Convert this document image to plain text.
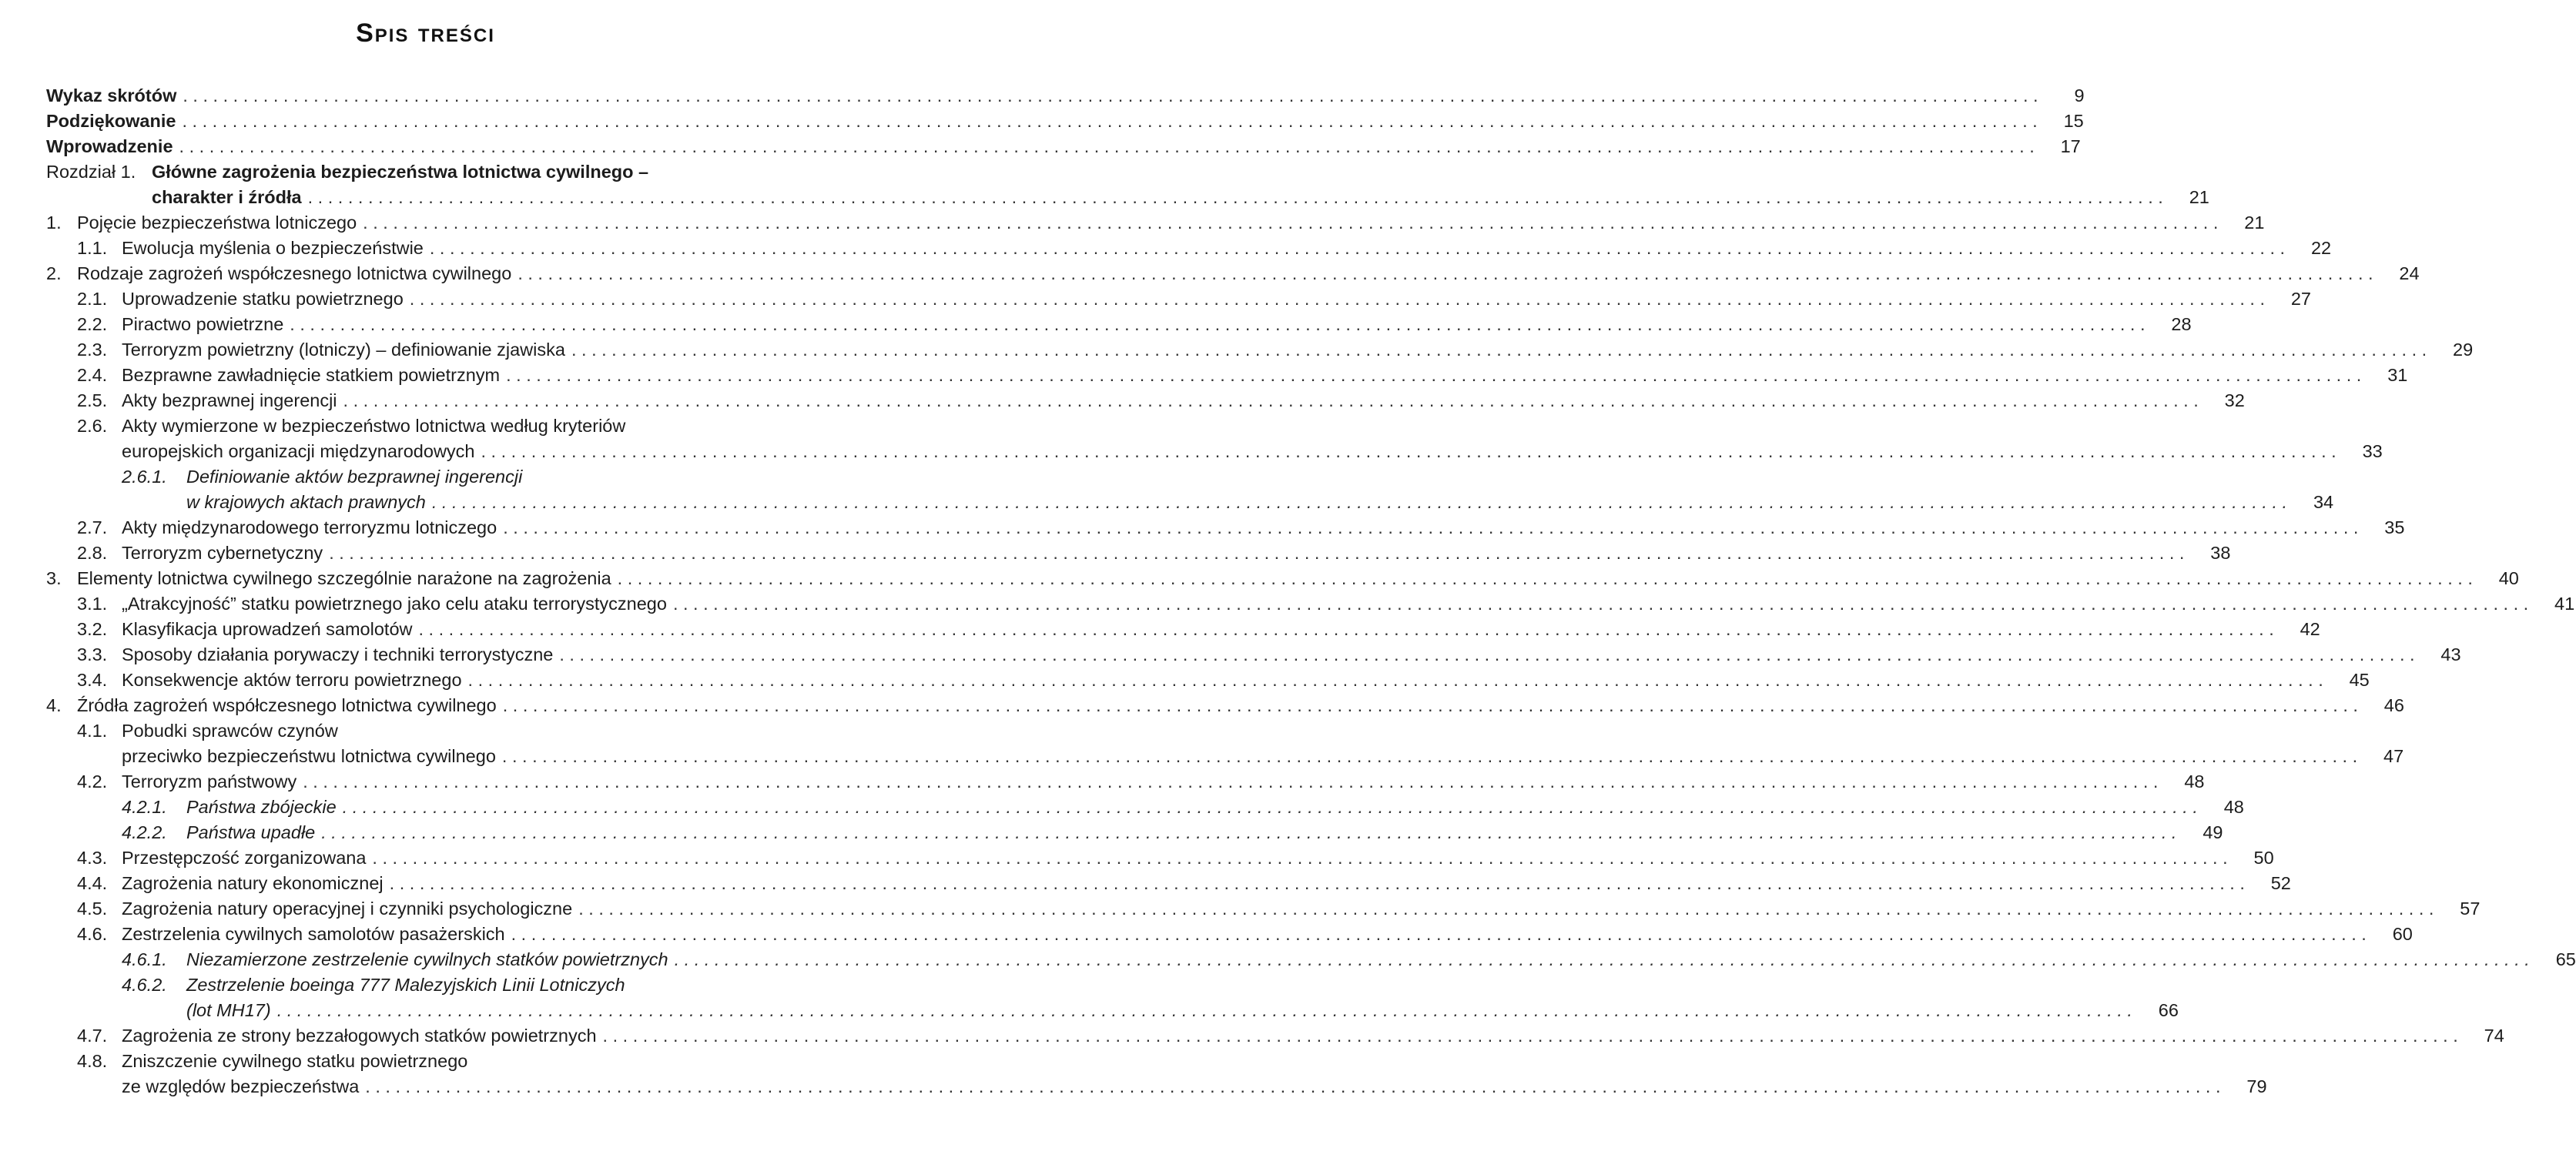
Spis treści
Wykaz skrótów . . .	9
Podziękowanie . . .	15
Wprowadzenie . . .	17
Rozdział 1. Główne zagrożenia bezpieczeństwa lotnictwa cywilnego –
charakter i źródła . . .	21
1. Pojęcie bezpieczeństwa lotniczego . . .	21
1.1. Ewolucja myślenia o bezpieczeństwie . . .	22
2. Rodzaje zagrożeń współczesnego lotnictwa cywilnego . . .	24
2.1. Uprowadzenie statku powietrznego . . .	27
2.2. Piractwo powietrzne . . .	28
2.3. Terroryzm powietrzny (lotniczy) – definiowanie zjawiska . . .	29
2.4. Bezprawne zawładnięcie statkiem powietrznym . . .	31
2.5. Akty bezprawnej ingerencji . . .	32
2.6. Akty wymierzone w bezpieczeństwo lotnictwa według kryteriów
europejskich organizacji międzynarodowych . . .	33
2.6.1.	Definiowanie aktów bezprawnej ingerencji
w krajowych aktach prawnych . . .	34
2.7. Akty międzynarodowego terroryzmu lotniczego . . .	35
2.8. Terroryzm cybernetyczny . . .	38
3. Elementy lotnictwa cywilnego szczególnie narażone na zagrożenia . . .	40
3.1. „Atrakcyjność” statku powietrznego jako celu ataku terrorystycznego . . .	41
3.2. Klasyfikacja uprowadzeń samolotów . . .	42
3.3. Sposoby działania porywaczy i techniki terrorystyczne . . .	43
3.4. Konsekwencje aktów terroru powietrznego . . .	45
4. Źródła zagrożeń współczesnego lotnictwa cywilnego . . .	46
4.1. Pobudki sprawców czynów
przeciwko bezpieczeństwu lotnictwa cywilnego . . .	47
4.2. Terroryzm państwowy . . .	48
4.2.1.	Państwa zbójeckie . . .	48
4.2.2.	Państwa upadłe . . .	49
4.3. Przestępczość zorganizowana . . .	50
4.4. Zagrożenia natury ekonomicznej . . .	52
4.5. Zagrożenia natury operacyjnej i czynniki psychologiczne . . .	57
4.6. Zestrzelenia cywilnych samolotów pasażerskich . . .	60
4.6.1.	Niezamierzone zestrzelenie cywilnych statków powietrznych . . .	65
4.6.2.	Zestrzelenie boeinga 777 Malezyjskich Linii Lotniczych
(lot MH17) . . .	66
4.7. Zagrożenia ze strony bezzałogowych statków powietrznych . . .	74
4.8. Zniszczenie cywilnego statku powietrznego
ze względów bezpieczeństwa . . .	79
